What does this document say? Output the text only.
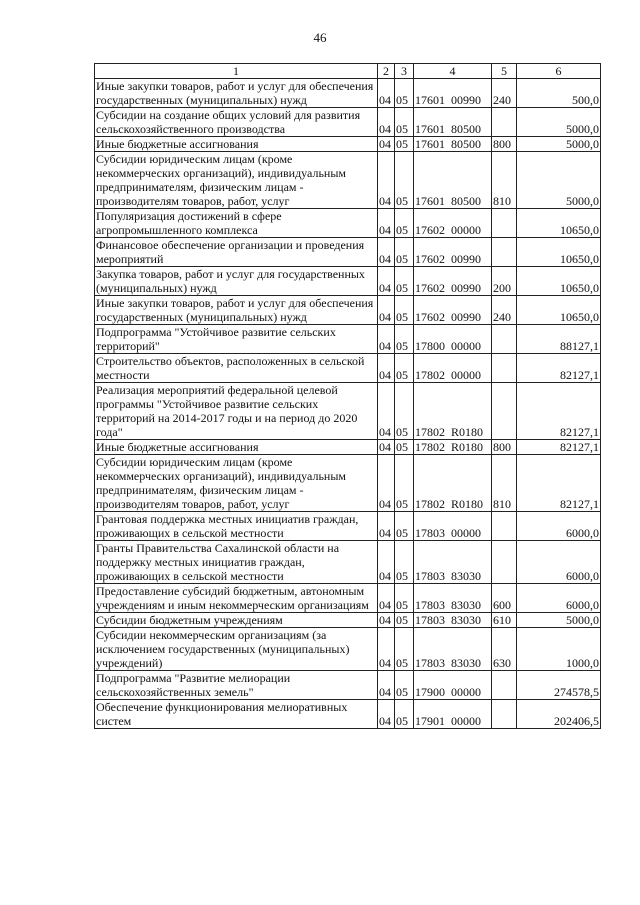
46
1	2	3	4	5	6
Иные закупки товаров, работ и услуг для обеспечения государственных (муниципальных) нужд	04	05	17601 00990	240	500,0
Субсидии на создание общих условий для развития сельскохозяйственного производства	04	05	17601 80500		5000,0
Иные бюджетные ассигнования	04	05	17601 80500	800	5000,0
Субсидии юридическим лицам (кроме некоммерческих организаций), индивидуальным предпринимателям, физическим лицам - производителям товаров, работ, услуг	04	05	17601 80500	810	5000,0
Популяризация достижений в сфере агропромышленного комплекса	04	05	17602 00000		10650,0
Финансовое обеспечение организации и проведения мероприятий	04	05	17602 00990		10650,0
Закупка товаров, работ и услуг для государственных (муниципальных) нужд	04	05	17602 00990	200	10650,0
Иные закупки товаров, работ и услуг для обеспечения государственных (муниципальных) нужд	04	05	17602 00990	240	10650,0
Подпрограмма "Устойчивое развитие сельских территорий"	04	05	17800 00000		88127,1
Строительство объектов, расположенных в сельской местности	04	05	17802 00000		82127,1
Реализация мероприятий федеральной целевой программы "Устойчивое развитие сельских территорий на 2014-2017 годы и на период до 2020 года"	04	05	17802 R0180		82127,1
Иные бюджетные ассигнования	04	05	17802 R0180	800	82127,1
Субсидии юридическим лицам (кроме некоммерческих организаций), индивидуальным предпринимателям, физическим лицам - производителям товаров, работ, услуг	04	05	17802 R0180	810	82127,1
Грантовая поддержка местных инициатив граждан, проживающих в сельской местности	04	05	17803 00000		6000,0
Гранты Правительства Сахалинской области на поддержку местных инициатив граждан, проживающих в сельской местности	04	05	17803 83030		6000,0
Предоставление субсидий бюджетным, автономным учреждениям и иным некоммерческим организациям	04	05	17803 83030	600	6000,0
Субсидии бюджетным учреждениям	04	05	17803 83030	610	5000,0
Субсидии некоммерческим организациям (за исключением государственных (муниципальных) учреждений)	04	05	17803 83030	630	1000,0
Подпрограмма "Развитие мелиорации сельскохозяйственных земель"	04	05	17900 00000		274578,5
Обеспечение функционирования мелиоративных систем	04	05	17901 00000		202406,5
